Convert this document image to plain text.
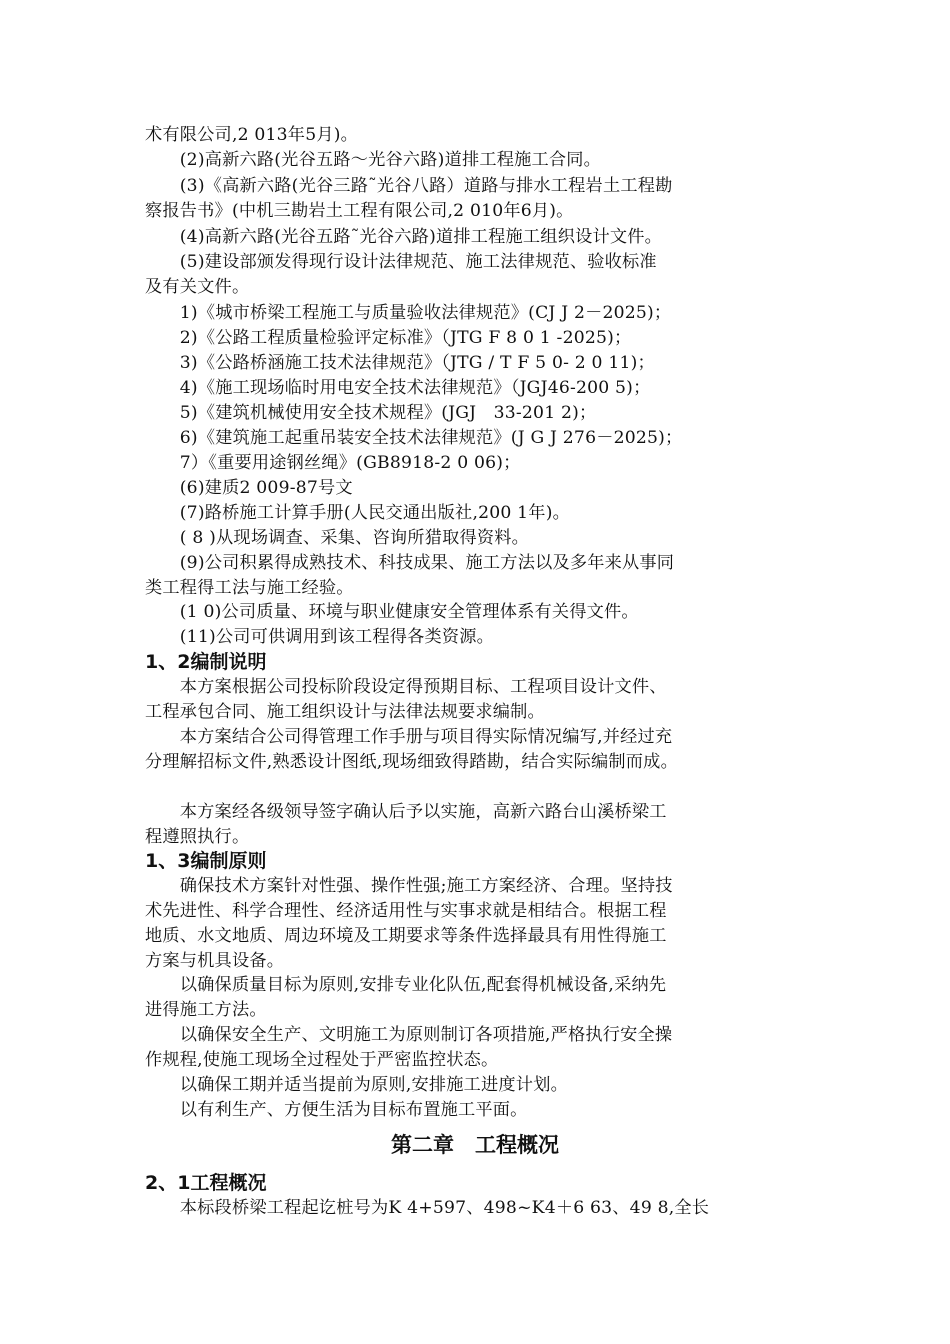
术有限公司,2 013年5月)。
　　(2)高新六路(光谷五路～光谷六路)道排工程施工合同。
　　(3)《高新六路(光谷三路˜光谷八路）道路与排水工程岩土工程勘
察报告书》(中机三勘岩土工程有限公司,2 010年6月)。
　　(4)高新六路(光谷五路˜光谷六路)道排工程施工组织设计文件。
　　(5)建设部颁发得现行设计法律规范、施工法律规范、验收标准
及有关文件。
　　1)《城市桥梁工程施工与质量验收法律规范》(CJ J 2－2025)；
　　2)《公路工程质量检验评定标准》（JTG F 8 0 1 -2025)；
　　3)《公路桥涵施工技术法律规范》（JTG / T F 5 0- 2 0 11)；
　　4)《施工现场临时用电安全技术法律规范》（JGJ46-200 5)；
　　5)《建筑机械使用安全技术规程》(JGJ　33-201 2)；
　　6)《建筑施工起重吊装安全技术法律规范》(J G J 276－2025)；
　　7）《重要用途钢丝绳》(GB8918-2 0 06)；
　　(6)建质2 009-87号文
　　(7)路桥施工计算手册(人民交通出版社,200 1年)。
　　( 8 )从现场调查、采集、咨询所猎取得资料。
　　(9)公司积累得成熟技术、科技成果、施工方法以及多年来从事同
类工程得工法与施工经验。
　　(1 0)公司质量、环境与职业健康安全管理体系有关得文件。
　　(11)公司可供调用到该工程得各类资源。
1、2编制说明
　　本方案根据公司投标阶段设定得预期目标、工程项目设计文件、
工程承包合同、施工组织设计与法律法规要求编制。
　　本方案结合公司得管理工作手册与项目得实际情况编写,并经过充
分理解招标文件,熟悉设计图纸,现场细致得踏勘，结合实际编制而成。
　　本方案经各级领导签字确认后予以实施，高新六路台山溪桥梁工
程遵照执行。
1、3编制原则
　　确保技术方案针对性强、操作性强;施工方案经济、合理。坚持技
术先进性、科学合理性、经济适用性与实事求就是相结合。根据工程
地质、水文地质、周边环境及工期要求等条件选择最具有用性得施工
方案与机具设备。
　　以确保质量目标为原则,安排专业化队伍,配套得机械设备,采纳先
进得施工方法。
　　以确保安全生产、文明施工为原则制订各项措施,严格执行安全操
作规程,使施工现场全过程处于严密监控状态。
　　以确保工期并适当提前为原则,安排施工进度计划。
　　以有利生产、方便生活为目标布置施工平面。
第二章　工程概况
2、1工程概况
　　本标段桥梁工程起讫桩号为K 4+597、498~K4＋6 63、49 8,全长
